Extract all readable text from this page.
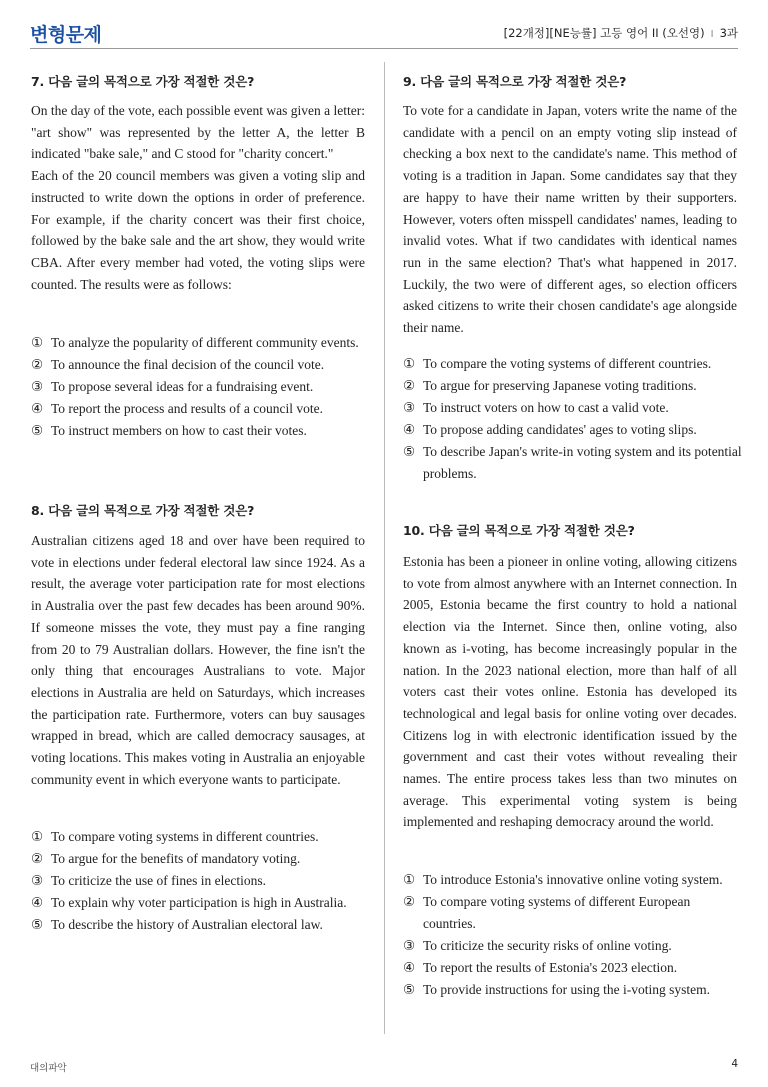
변형문제	[22개정][NE능률] 고등 영어 II (오선영) I 3과
7. 다음 글의 목적으로 가장 적절한 것은?

On the day of the vote, each possible event was given a letter: "art show" was represented by the letter A, the letter B indicated "bake sale," and C stood for "charity concert."

Each of the 20 council members was given a voting slip and instructed to write down the options in order of preference. For example, if the charity concert was their first choice, followed by the bake sale and the art show, they would write CBA. After every member had voted, the voting slips were counted. The results were as follows:

① To analyze the popularity of different community events.
② To announce the final decision of the council vote.
③ To propose several ideas for a fundraising event.
④ To report the process and results of a council vote.
⑤ To instruct members on how to cast their votes.
8. 다음 글의 목적으로 가장 적절한 것은?

Australian citizens aged 18 and over have been required to vote in elections under federal electoral law since 1924. As a result, the average voter participation rate for most elections in Australia over the past few decades has been around 90%. If someone misses the vote, they must pay a fine ranging from 20 to 79 Australian dollars. However, the fine isn't the only thing that encourages Australians to vote. Major elections in Australia are held on Saturdays, which increases the participation rate. Furthermore, voters can buy sausages wrapped in bread, which are called democracy sausages, at voting locations. This makes voting in Australia an enjoyable community event in which everyone wants to participate.

① To compare voting systems in different countries.
② To argue for the benefits of mandatory voting.
③ To criticize the use of fines in elections.
④ To explain why voter participation is high in Australia.
⑤ To describe the history of Australian electoral law.
9. 다음 글의 목적으로 가장 적절한 것은?

To vote for a candidate in Japan, voters write the name of the candidate with a pencil on an empty voting slip instead of checking a box next to the candidate's name. This method of voting is a tradition in Japan. Some candidates say that they are happy to have their name written by their supporters. However, voters often misspell candidates' names, leading to invalid votes. What if two candidates with identical names run in the same election? That's what happened in 2017. Luckily, the two were of different ages, so election officers asked citizens to write their chosen candidate's age alongside their name.

① To compare the voting systems of different countries.
② To argue for preserving Japanese voting traditions.
③ To instruct voters on how to cast a valid vote.
④ To propose adding candidates' ages to voting slips.
⑤ To describe Japan's write-in voting system and its potential problems.
10. 다음 글의 목적으로 가장 적절한 것은?

Estonia has been a pioneer in online voting, allowing citizens to vote from almost anywhere with an Internet connection. In 2005, Estonia became the first country to hold a national election via the Internet. Since then, online voting, also known as i-voting, has become increasingly popular in the nation. In the 2023 national election, more than half of all voters cast their votes online. Estonia has developed its technological and legal basis for online voting over decades. Citizens log in with electronic identification issued by the government and cast their votes without revealing their names. The entire process takes less than two minutes on average. This experimental voting system is being implemented and reshaping democracy around the world.

① To introduce Estonia's innovative online voting system.
② To compare voting systems of different European countries.
③ To criticize the security risks of online voting.
④ To report the results of Estonia's 2023 election.
⑤ To provide instructions for using the i-voting system.
대의파악	4
